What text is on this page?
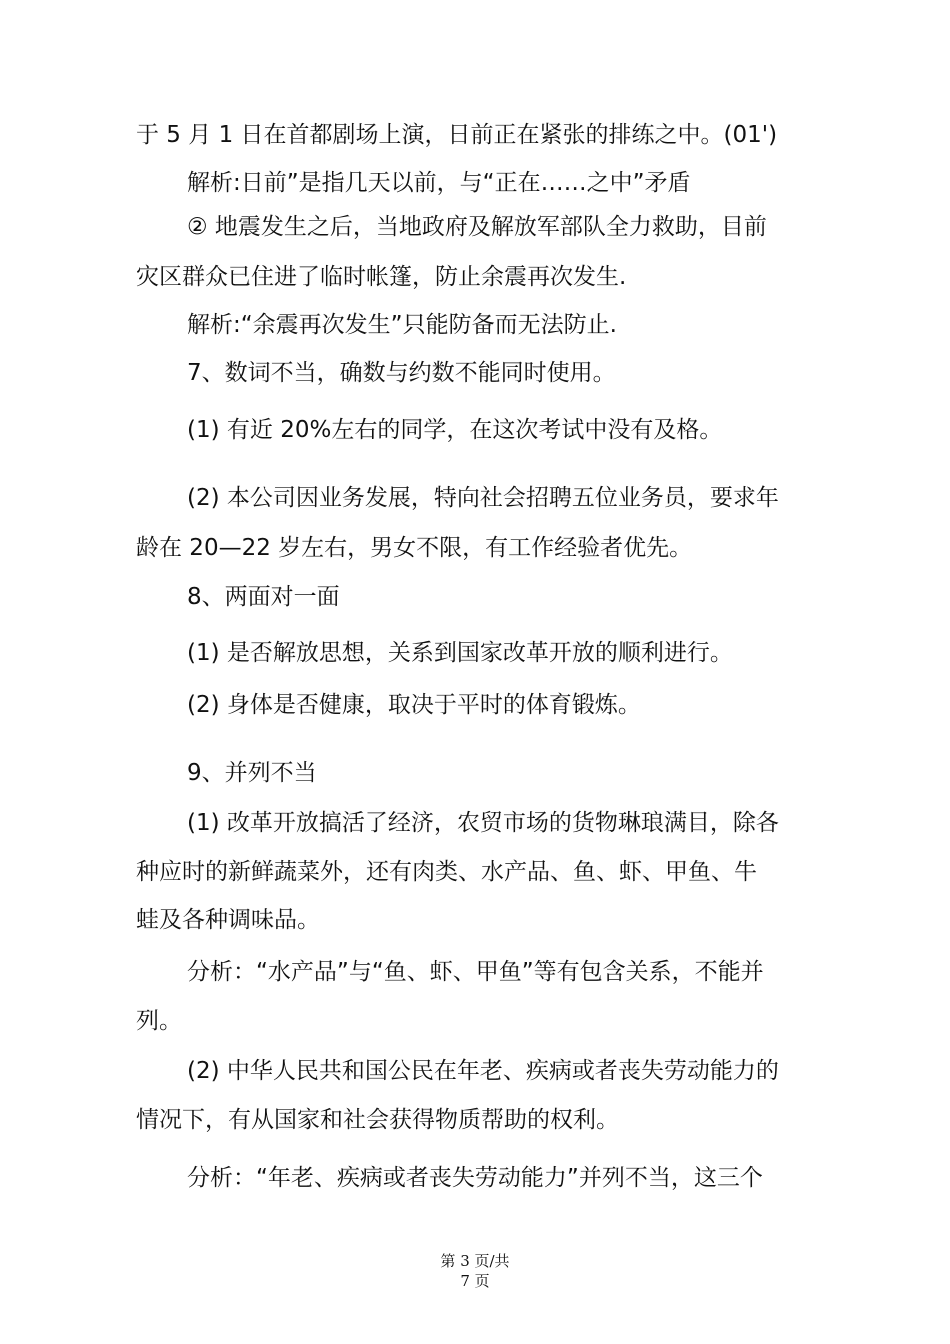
于 5 月 1 日在首都剧场上演，日前正在紧张的排练之中。(01')
解析:日前”是指几天以前，与“正在……之中”矛盾
② 地震发生之后，当地政府及解放军部队全力救助，目前
灾区群众已住进了临时帐篷，防止余震再次发生.
解析:“余震再次发生”只能防备而无法防止.
7、数词不当，确数与约数不能同时使用。
(1) 有近 20%左右的同学，在这次考试中没有及格。
(2) 本公司因业务发展，特向社会招聘五位业务员，要求年
龄在 20—22 岁左右，男女不限，有工作经验者优先。
8、两面对一面
(1) 是否解放思想，关系到国家改革开放的顺利进行。
(2) 身体是否健康，取决于平时的体育锻炼。
9、并列不当
(1) 改革开放搞活了经济，农贸市场的货物琳琅满目，除各
种应时的新鲜蔬菜外，还有肉类、水产品、鱼、虾、甲鱼、牛
蛙及各种调味品。
分析：“水产品”与“鱼、虾、甲鱼”等有包含关系，不能并
列。
(2) 中华人民共和国公民在年老、疾病或者丧失劳动能力的
情况下，有从国家和社会获得物质帮助的权利。
分析：“年老、疾病或者丧失劳动能力”并列不当，这三个
第 3 页/共
7 页
